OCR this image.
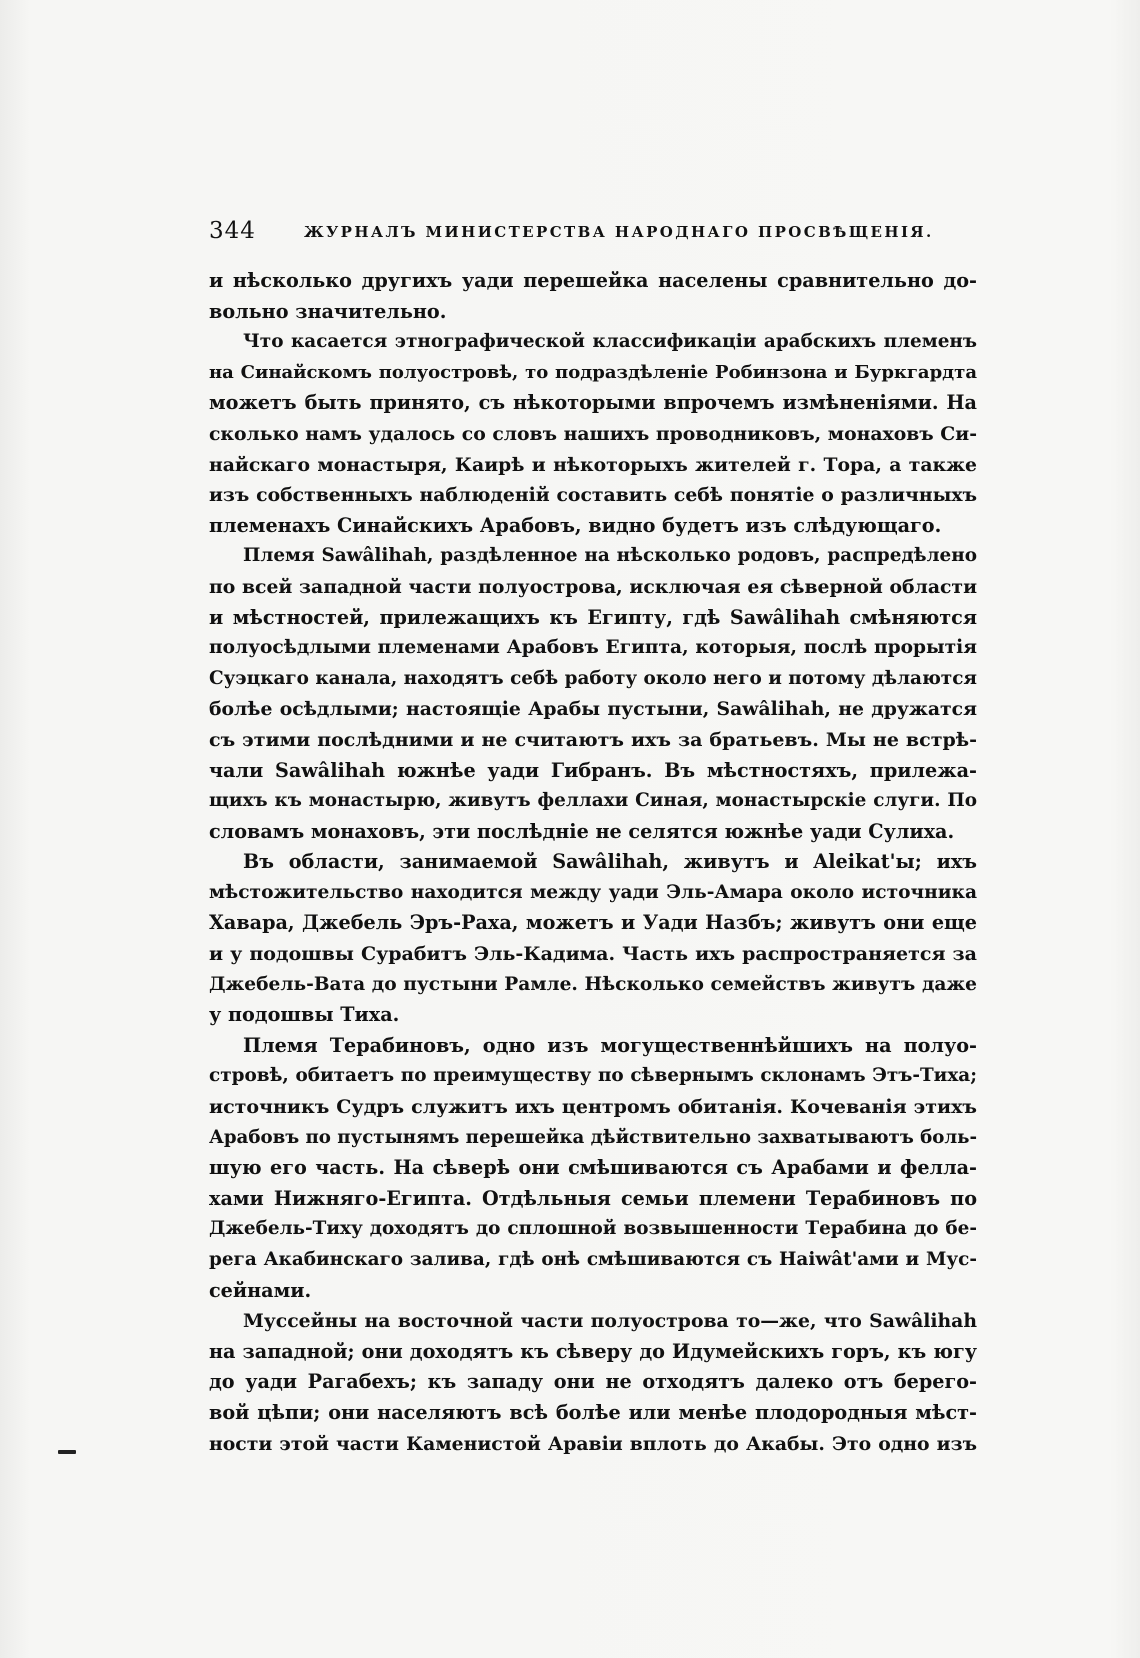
344	ЖУРНАЛЪ МИНИСТЕРСТВА НАРОДНАГО ПРОСВѢЩЕНІЯ.
и нѣсколько другихъ уади перешейка населены сравнительно до-
вольно значительно.
Что касается этнографической классификаціи арабскихъ племенъ
на Синайскомъ полуостровѣ, то подраздѣленіе Робинзона и Буркгардта
можетъ быть принято, съ нѣкоторыми впрочемъ измѣненіями. На
сколько намъ удалось со словъ нашихъ проводниковъ, монаховъ Си-
найскаго монастыря, Каирѣ и нѣкоторыхъ жителей г. Тора, а также
изъ собственныхъ наблюденій составить себѣ понятіе о различныхъ
племенахъ Синайскихъ Арабовъ, видно будетъ изъ слѣдующаго.
Племя Sawâlihah, раздѣленное на нѣсколько родовъ, распредѣлено
по всей западной части полуострова, исключая ея сѣверной области
и мѣстностей, прилежащихъ къ Египту, гдѣ Sawâlihah смѣняются
полуосѣдлыми племенами Арабовъ Египта, которыя, послѣ прорытія
Суэцкаго канала, находятъ себѣ работу около него и потому дѣлаются
болѣе осѣдлыми; настоящіе Арабы пустыни, Sawâlihah, не дружатся
съ этими послѣдними и не считаютъ ихъ за братьевъ. Мы не встрѣ-
чали Sawâlihah южнѣе уади Гибранъ. Въ мѣстностяхъ, прилежа-
щихъ къ монастырю, живутъ феллахи Синая, монастырскіе слуги. По
словамъ монаховъ, эти послѣдніе не селятся южнѣе уади Сулиха.
Въ области, занимаемой Sawâlihah, живутъ и Aleikat'ы; ихъ
мѣстожительство находится между уади Эль-Амара около источника
Хавара, Джебель Эръ-Раха, можетъ и Уади Назбъ; живутъ они еще
и у подошвы Сурабитъ Эль-Кадима. Часть ихъ распространяется за
Джебель-Вата до пустыни Рамле. Нѣсколько семействъ живутъ даже
у подошвы Тиха.
Племя Терабиновъ, одно изъ могущественнѣйшихъ на полуо-
стровѣ, обитаетъ по преимуществу по сѣвернымъ склонамъ Этъ-Тиха;
источникъ Судръ служитъ ихъ центромъ обитанія. Кочеванія этихъ
Арабовъ по пустынямъ перешейка дѣйствительно захватываютъ боль-
шую его часть. На сѣверѣ они смѣшиваются съ Арабами и фелла-
хами Нижняго-Египта. Отдѣльныя семьи племени Терабиновъ по
Джебель-Тиху доходятъ до сплошной возвышенности Терабина до бе-
рега Акабинскаго залива, гдѣ онѣ смѣшиваются съ Haiwât'ами и Мус-
сейнами.
Муссейны на восточной части полуострова то—же, что Sawâlihah
на западной; они доходятъ къ сѣверу до Идумейскихъ горъ, къ югу
до уади Рагабехъ; къ западу они не отходятъ далеко отъ берего-
вой цѣпи; они населяютъ всѣ болѣе или менѣе плодородныя мѣст-
ности этой части Каменистой Аравіи вплоть до Акабы. Это одно изъ
